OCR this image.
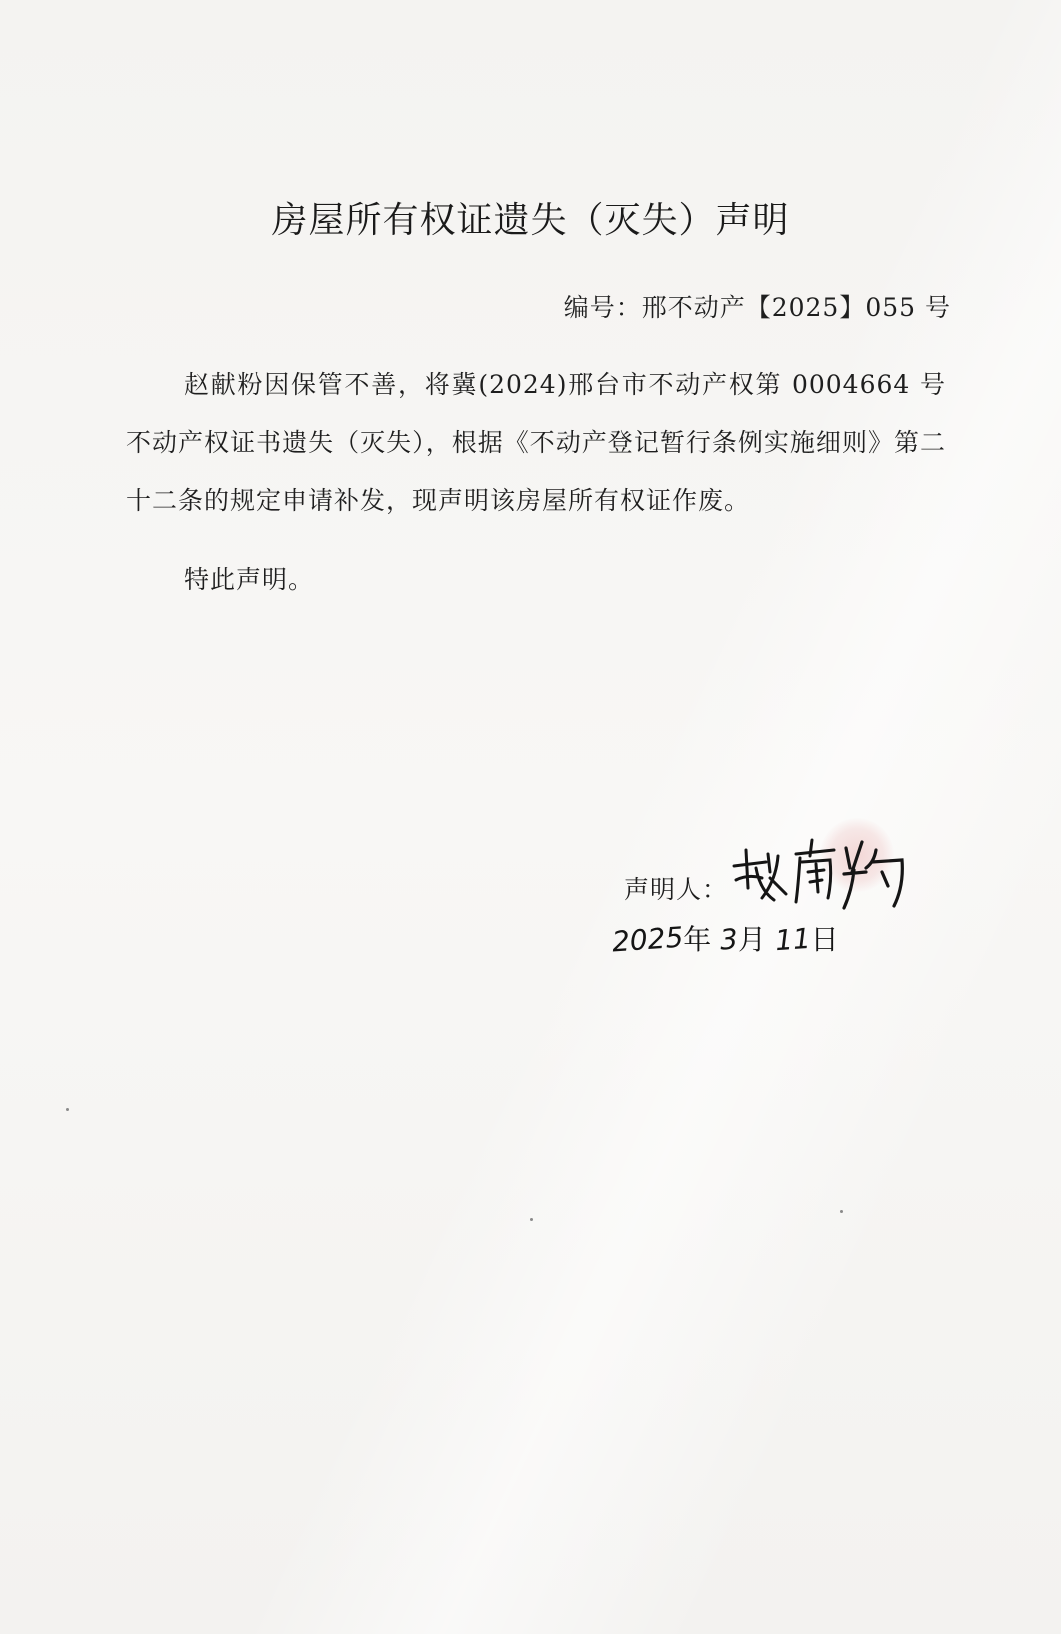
房屋所有权证遗失（灭失）声明
编号：邢不动产【2025】055 号
赵献粉因保管不善，将冀(2024)邢台市不动产权第 0004664 号不动产权证书遗失（灭失），根据《不动产登记暂行条例实施细则》第二十二条的规定申请补发，现声明该房屋所有权证作废。
特此声明。
声明人：
2025年 3月 11日
